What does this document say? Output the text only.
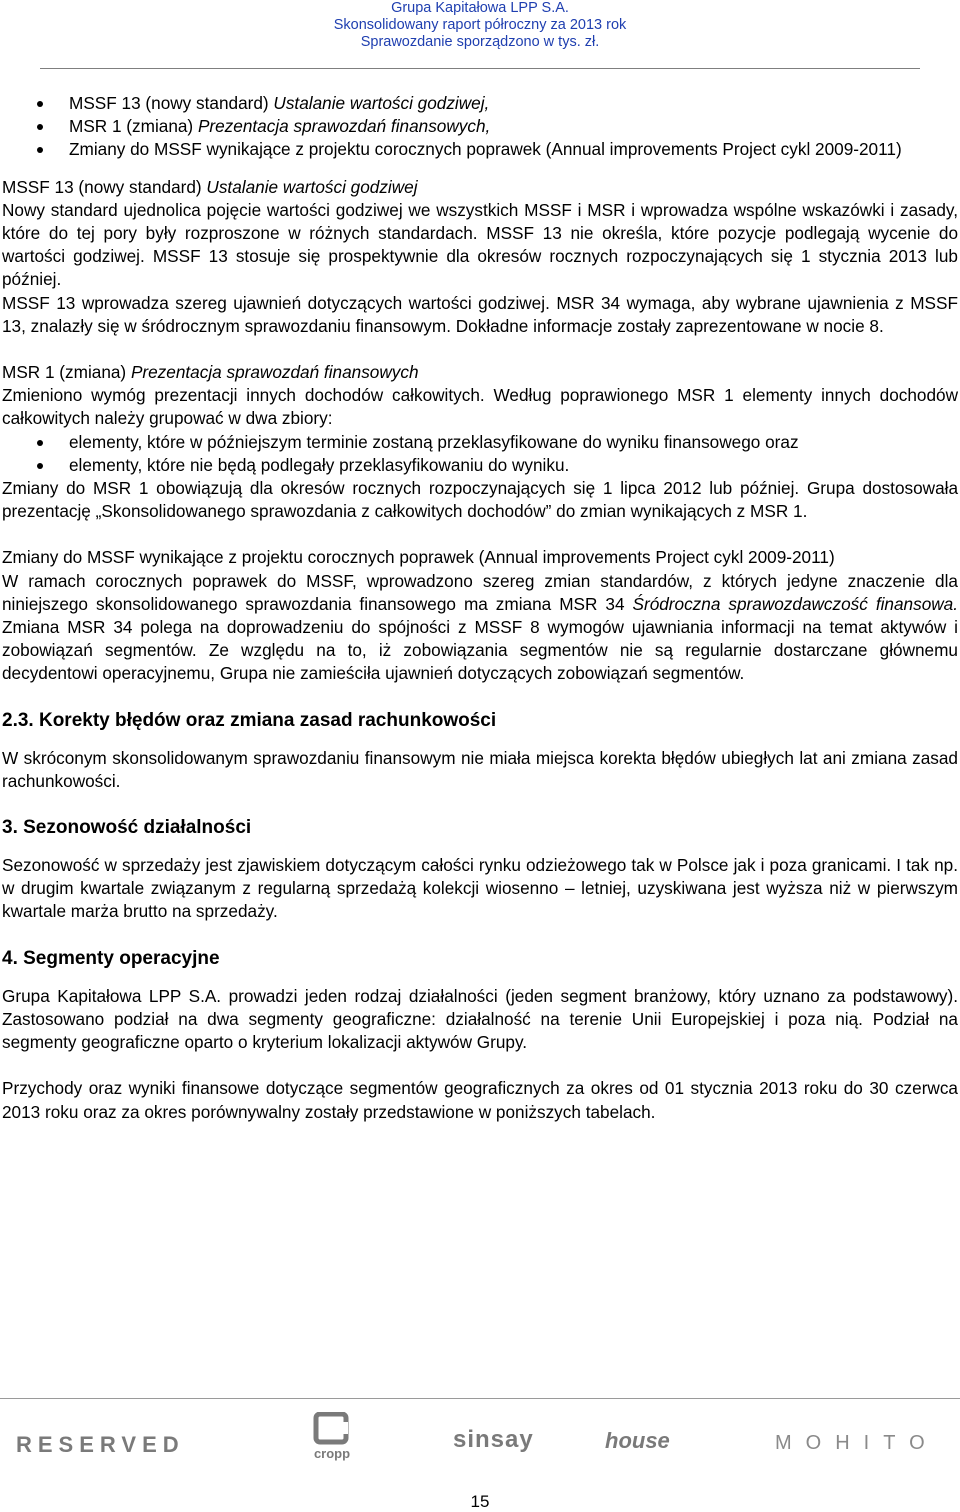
Grupa Kapitałowa LPP S.A.
Skonsolidowany raport półroczny za 2013 rok
Sprawozdanie sporządzono w tys. zł.
MSSF 13 (nowy standard) Ustalanie wartości godziwej,
MSR 1 (zmiana) Prezentacja sprawozdań finansowych,
Zmiany do MSSF wynikające z projektu corocznych poprawek (Annual improvements Project cykl 2009-2011)

MSSF 13 (nowy standard) Ustalanie wartości godziwej

Nowy standard ujednolica pojęcie wartości godziwej we wszystkich MSSF i MSR i wprowadza wspólne wskazówki i zasady, które do tej pory były rozproszone w różnych standardach. MSSF 13 nie określa, które pozycje podlegają wycenie do wartości godziwej. MSSF 13 stosuje się prospektywnie dla okresów rocznych rozpoczynających się 1 stycznia 2013 lub później.

MSSF 13 wprowadza szereg ujawnień dotyczących wartości godziwej. MSR 34 wymaga, aby wybrane ujawnienia z MSSF 13, znalazły się w śródrocznym sprawozdaniu finansowym. Dokładne informacje zostały zaprezentowane w nocie 8.

MSR 1 (zmiana) Prezentacja sprawozdań finansowych

Zmieniono wymóg prezentacji innych dochodów całkowitych. Według poprawionego MSR 1 elementy innych dochodów całkowitych należy grupować w dwa zbiory:

elementy, które w późniejszym terminie zostaną przeklasyfikowane do wyniku finansowego oraz
elementy, które nie będą podlegały przeklasyfikowaniu do wyniku.

Zmiany do MSR 1 obowiązują dla okresów rocznych rozpoczynających się 1 lipca 2012 lub później. Grupa dostosowała prezentację „Skonsolidowanego sprawozdania z całkowitych dochodów” do zmian wynikających z MSR 1.

Zmiany do MSSF wynikające z projektu corocznych poprawek (Annual improvements Project cykl 2009-2011)

W ramach corocznych poprawek do MSSF, wprowadzono szereg zmian standardów, z których jedyne znaczenie dla niniejszego skonsolidowanego sprawozdania finansowego ma zmiana MSR 34 Śródroczna sprawozdawczość finansowa. Zmiana MSR 34 polega na doprowadzeniu do spójności z MSSF 8 wymogów ujawniania informacji na temat aktywów i zobowiązań segmentów. Ze względu na to, iż zobowiązania segmentów nie są regularnie dostarczane głównemu decydentowi operacyjnemu, Grupa nie zamieściła ujawnień dotyczących zobowiązań segmentów.

2.3. Korekty błędów oraz zmiana zasad rachunkowości

W skróconym skonsolidowanym sprawozdaniu finansowym nie miała miejsca korekta błędów ubiegłych lat ani zmiana zasad rachunkowości.

3. Sezonowość działalności

Sezonowość w sprzedaży jest zjawiskiem dotyczącym całości rynku odzieżowego tak w Polsce jak i poza granicami. I tak np. w drugim kwartale związanym z regularną sprzedażą kolekcji wiosenno – letniej, uzyskiwana jest wyższa niż w pierwszym kwartale marża brutto na sprzedaży.

4. Segmenty operacyjne

Grupa Kapitałowa LPP S.A. prowadzi jeden rodzaj działalności (jeden segment branżowy, który uznano za podstawowy). Zastosowano podział na dwa segmenty geograficzne: działalność na terenie Unii Europejskiej i poza nią. Podział na segmenty geograficzne oparto o kryterium lokalizacji aktywów Grupy.

Przychody oraz wyniki finansowe dotyczące segmentów geograficznych za okres od 01 stycznia 2013 roku do 30 czerwca 2013 roku oraz za okres porównywalny zostały przedstawione w poniższych tabelach.

RESERVED	cropp
sinsay	house	MOHITO
15
